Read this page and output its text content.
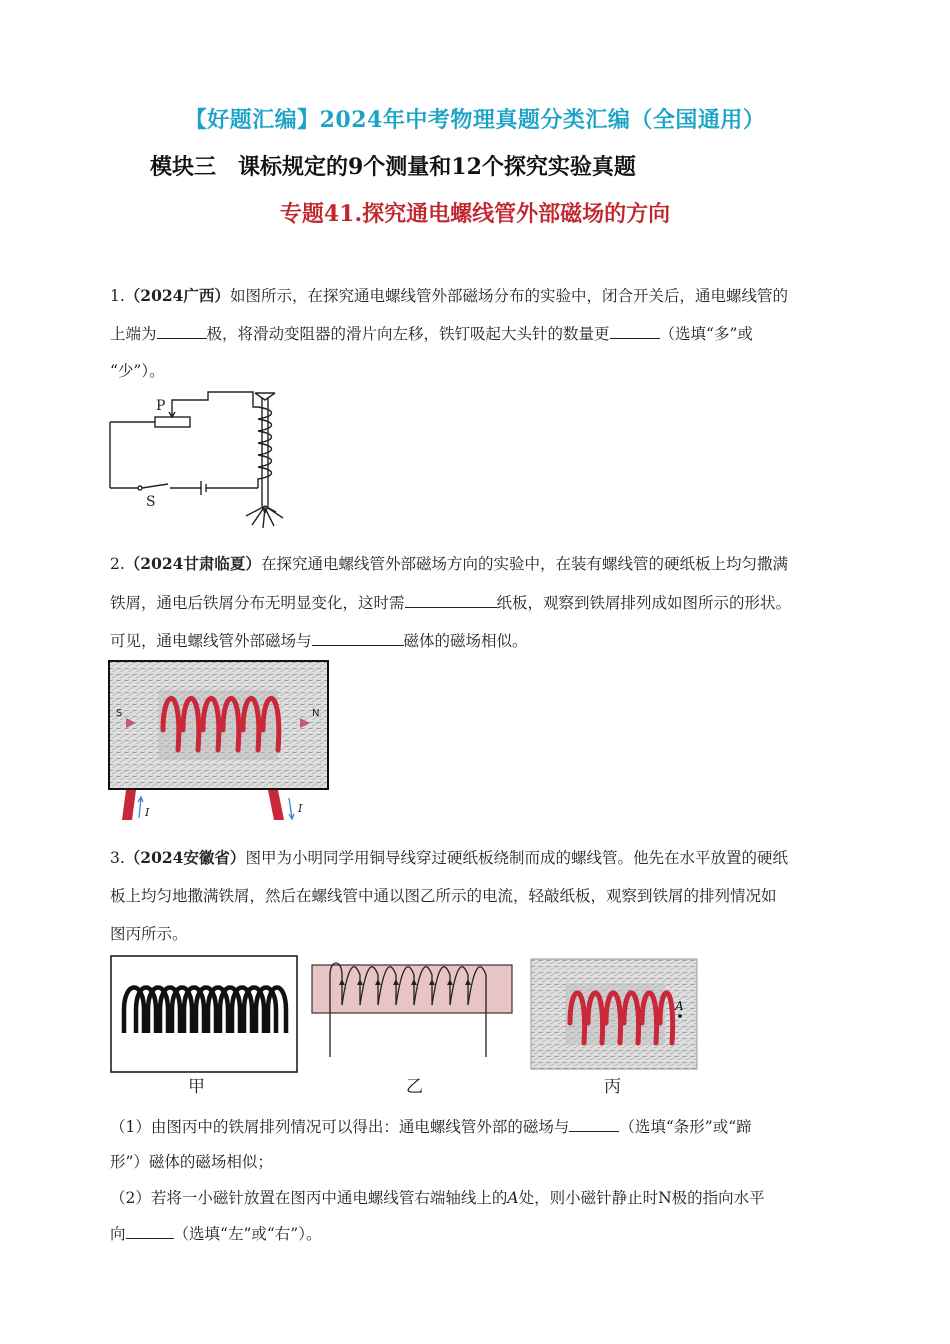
【好题汇编】2024年中考物理真题分类汇编（全国通用）
模块三　课标规定的9个测量和12个探究实验真题
专题41.探究通电螺线管外部磁场的方向
1.（2024广西）如图所示，在探究通电螺线管外部磁场分布的实验中，闭合开关后，通电螺线管的
上端为	极，将滑动变阻器的滑片向左移，铁钉吸起大头针的数量更	（选填“多”或
“少”）。
P
S
2.（2024甘肃临夏）在探究通电螺线管外部磁场方向的实验中，在装有螺线管的硬纸板上均匀撒满
铁屑，通电后铁屑分布无明显变化，这时需	纸板，观察到铁屑排列成如图所示的形状。
可见，通电螺线管外部磁场与	磁体的磁场相似。
S	N
I	I
3.（2024安徽省）图甲为小明同学用铜导线穿过硬纸板绕制而成的螺线管。他先在水平放置的硬纸
板上均匀地撒满铁屑，然后在螺线管中通以图乙所示的电流，轻敲纸板，观察到铁屑的排列情况如
图丙所示。
甲	乙
A
丙
（1）由图丙中的铁屑排列情况可以得出：通电螺线管外部的磁场与	（选填“条形”或“蹄
形”）磁体的磁场相似；
（2）若将一小磁针放置在图丙中通电螺线管右端轴线上的A处，则小磁针静止时N极的指向水平
向	（选填“左”或“右”）。
